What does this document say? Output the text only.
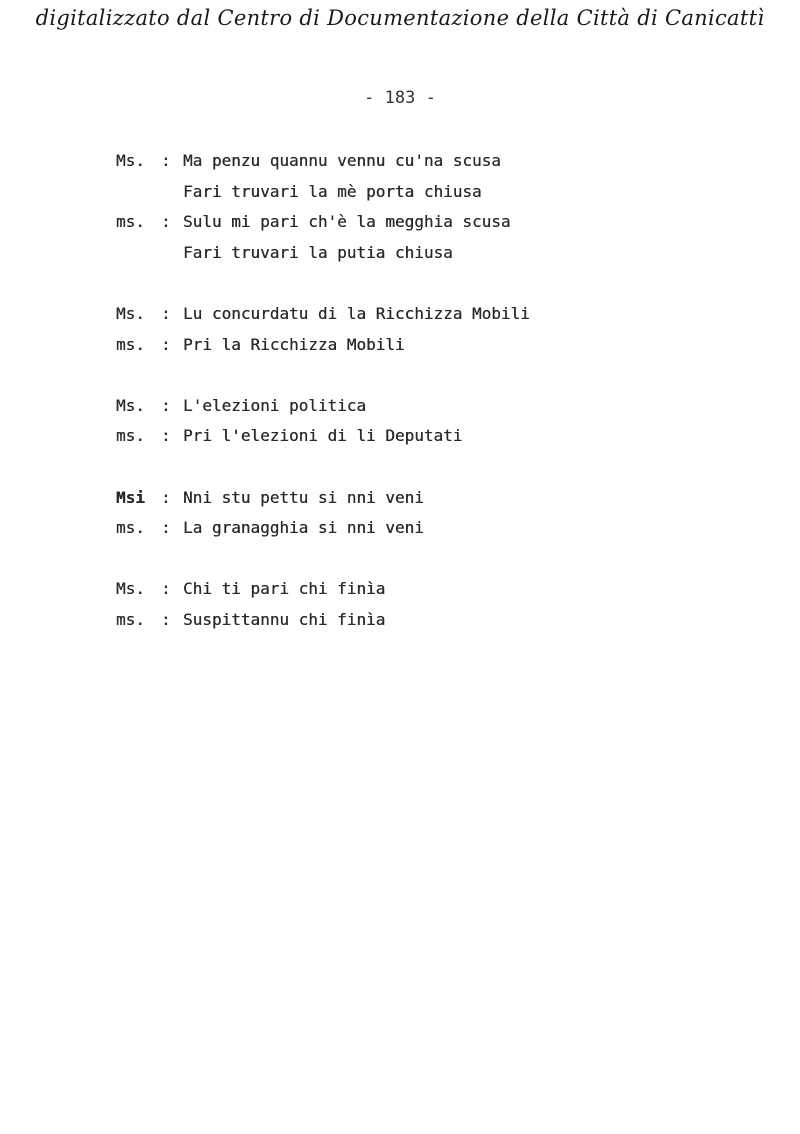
digitalizzato dal Centro di Documentazione della Città di Canicattì
- 183 -
Ms. : Ma penzu quannu vennu cu'na scusa
Fari truvari la mè porta chiusa
ms. : Sulu mi pari ch'è la megghia scusa
Fari truvari la putia chiusa
Ms. : Lu concurdatu di la Ricchizza Mobili
ms. : Pri la Ricchizza Mobili
Ms. : L'elezioni politica
ms. : Pri l'elezioni di li Deputati
Msi : Nni stu pettu si nni veni
ms. : La granagghia si nni veni
Ms. : Chi ti pari chi finìa
ms. : Suspittannu chi finìa
